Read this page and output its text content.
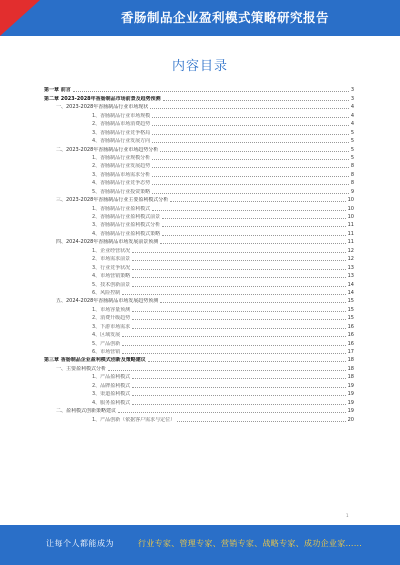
香肠制品企业盈利模式策略研究报告
内容目录
第一章 前言	3
第二章 2023-2028年香肠制品市场前景及趋势预测	3
一、2023-2028年香肠制品行业市场现状	4
1、香肠制品行业市场规模	4
2、香肠制品市场消费趋势	4
3、香肠制品行业竞争格局	5
4、香肠制品行业发展方向	5
二、2023-2028年香肠制品行业市场趋势分析	5
1、香肠制品行业规模分析	5
2、香肠制品行业发展趋势	8
3、香肠制品市场需求分析	8
4、香肠制品行业竞争态势	8
5、香肠制品行业投资策略	9
三、2023-2028年香肠制品行业主要盈利模式分析	10
1、香肠制品行业盈利模式	10
2、香肠制品行业盈利模式前景	10
3、香肠制品行业盈利模式分析	11
4、香肠制品行业盈利模式策略	11
四、2024-2028年香肠制品市场发展前景预测	11
1、企业经营状况	12
2、市场需求前景	12
3、行业竞争状况	13
4、市场营销策略	13
5、技术创新前景	14
6、风险控制	14
五、2024-2028年香肠制品市场发展趋势预测	15
1、市场容量预测	15
2、消费升级趋势	15
3、下游市场需求	16
4、区域发展	16
5、产品创新	16
6、市场营销	17
第三章 香肠制品企业盈利模式创新及策略建议	18
一、主要盈利模式分析	18
1、产品盈利模式	18
2、品牌盈利模式	19
3、渠道盈利模式	19
4、服务盈利模式	19
二、盈利模式创新策略建议	19
1、产品创新（依据客户需求与定位）	20
1
让每个人都能成为	行业专家、管理专家、营销专家、战略专家、成功企业家……
